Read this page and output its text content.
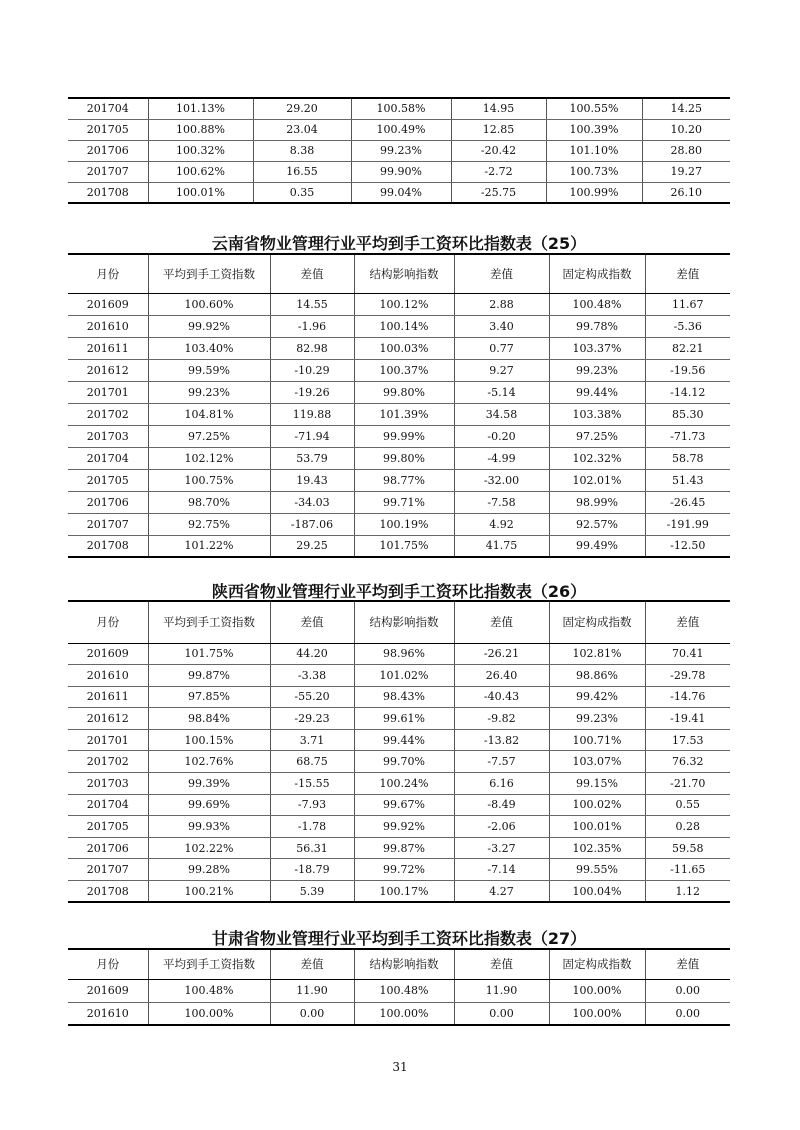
201704	101.13%	29.20	100.58%	14.95	100.55%	14.25
201705	100.88%	23.04	100.49%	12.85	100.39%	10.20
201706	100.32%	8.38	99.23%	-20.42	101.10%	28.80
201707	100.62%	16.55	99.90%	-2.72	100.73%	19.27
201708	100.01%	0.35	99.04%	-25.75	100.99%	26.10
云南省物业管理行业平均到手工资环比指数表（25）
月份	平均到手工资指数	差值	结构影响指数	差值	固定构成指数	差值
201609	100.60%	14.55	100.12%	2.88	100.48%	11.67
201610	99.92%	-1.96	100.14%	3.40	99.78%	-5.36
201611	103.40%	82.98	100.03%	0.77	103.37%	82.21
201612	99.59%	-10.29	100.37%	9.27	99.23%	-19.56
201701	99.23%	-19.26	99.80%	-5.14	99.44%	-14.12
201702	104.81%	119.88	101.39%	34.58	103.38%	85.30
201703	97.25%	-71.94	99.99%	-0.20	97.25%	-71.73
201704	102.12%	53.79	99.80%	-4.99	102.32%	58.78
201705	100.75%	19.43	98.77%	-32.00	102.01%	51.43
201706	98.70%	-34.03	99.71%	-7.58	98.99%	-26.45
201707	92.75%	-187.06	100.19%	4.92	92.57%	-191.99
201708	101.22%	29.25	101.75%	41.75	99.49%	-12.50
陕西省物业管理行业平均到手工资环比指数表（26）
月份	平均到手工资指数	差值	结构影响指数	差值	固定构成指数	差值
201609	101.75%	44.20	98.96%	-26.21	102.81%	70.41
201610	99.87%	-3.38	101.02%	26.40	98.86%	-29.78
201611	97.85%	-55.20	98.43%	-40.43	99.42%	-14.76
201612	98.84%	-29.23	99.61%	-9.82	99.23%	-19.41
201701	100.15%	3.71	99.44%	-13.82	100.71%	17.53
201702	102.76%	68.75	99.70%	-7.57	103.07%	76.32
201703	99.39%	-15.55	100.24%	6.16	99.15%	-21.70
201704	99.69%	-7.93	99.67%	-8.49	100.02%	0.55
201705	99.93%	-1.78	99.92%	-2.06	100.01%	0.28
201706	102.22%	56.31	99.87%	-3.27	102.35%	59.58
201707	99.28%	-18.79	99.72%	-7.14	99.55%	-11.65
201708	100.21%	5.39	100.17%	4.27	100.04%	1.12
甘肃省物业管理行业平均到手工资环比指数表（27）
月份	平均到手工资指数	差值	结构影响指数	差值	固定构成指数	差值
201609	100.48%	11.90	100.48%	11.90	100.00%	0.00
201610	100.00%	0.00	100.00%	0.00	100.00%	0.00
31
